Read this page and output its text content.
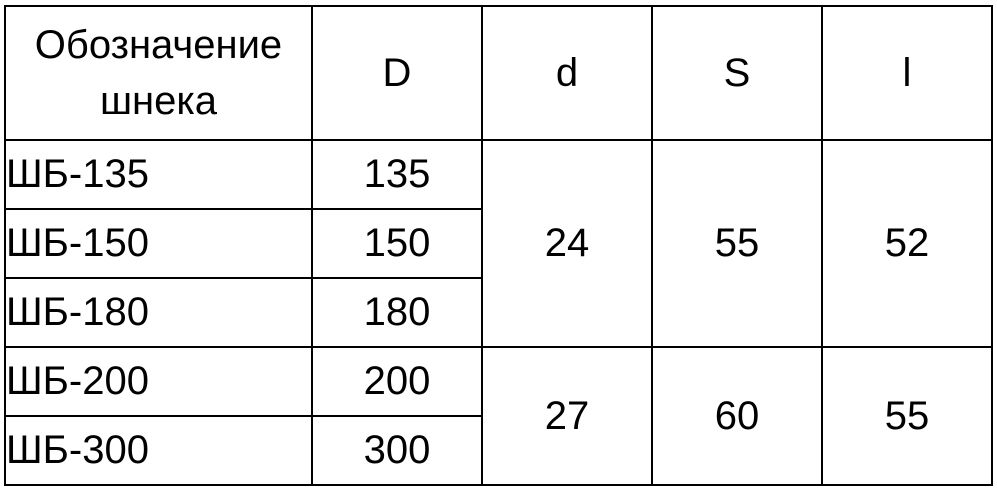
Обозначение шнека	D	d	S	l
ШБ-135	135	24	55	52
ШБ-150	150			
ШБ-180	180			
ШБ-200	200	27	60	55
ШБ-300	300			
